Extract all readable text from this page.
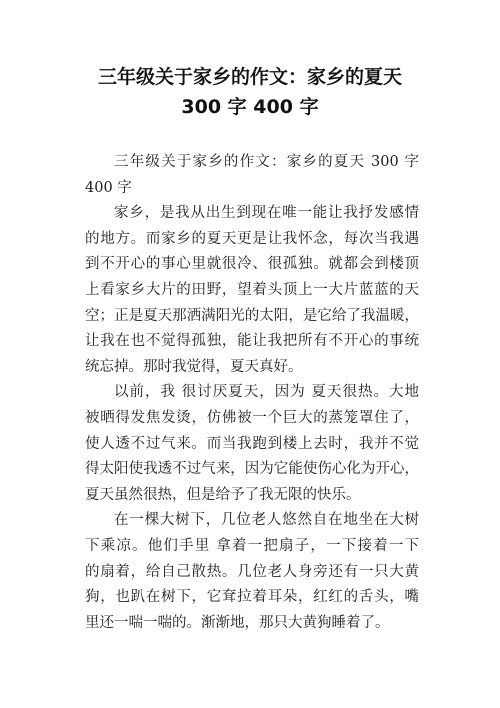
三年级关于家乡的作文：家乡的夏天
300 字 400 字
三年级关于家乡的作文：家乡的夏天 300 字
400 字
家乡，是我从出生到现在唯一能让我抒发感情
的地方。而家乡的夏天更是让我怀念，每次当我遇
到不开心的事心里就很冷、很孤独。就都会到楼顶
上看家乡大片的田野，望着头顶上一大片蓝蓝的天
空；正是夏天那洒满阳光的太阳，是它给了我温暖，
让我在也不觉得孤独，能让我把所有不开心的事统
统忘掉。那时我觉得，夏天真好。
以前，我 很讨厌夏天，因为 夏天很热。大地
被晒得发焦发烫，仿佛被一个巨大的蒸笼罩住了，
使人透不过气来。而当我跑到楼上去时，我并不觉
得太阳使我透不过气来，因为它能使伤心化为开心，
夏天虽然很热，但是给予了我无限的快乐。
在一棵大树下，几位老人悠然自在地坐在大树
下乘凉。他们手里 拿着一把扇子，一下接着一下
的扇着，给自己散热。几位老人身旁还有一只大黄
狗，也趴在树下，它耷拉着耳朵，红红的舌头，嘴
里还一喘一喘的。渐渐地，那只大黄狗睡着了。
